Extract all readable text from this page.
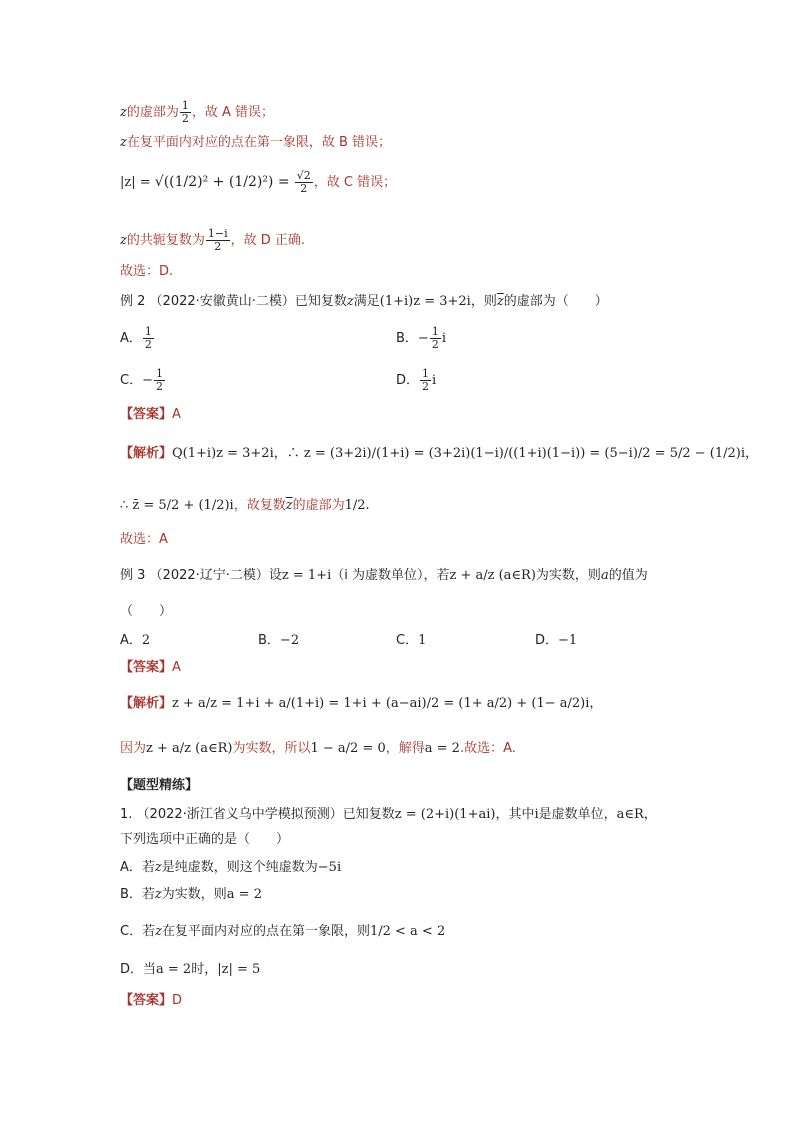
z的虚部为 $\frac{1}{2}$ ，故 A 错误；
z在复平面内对应的点在第一象限，故 B 错误；
$|z| = √((1/2)^2 + (1/2)^2) = \frac{√2}{2}$ ，故 C 错误；
z的共轭复数为 $\frac{1-i}{2}$ ，故 D 正确.
故选：D.
例 2 （2022·安徽黄山·二模）已知复数z满足(1+i)z = 3+2i，则$\overline{z}$的虚部为（　　）
A． $\frac{1}{2}$	B．− $\frac{1}{2}$ i
C．− $\frac{1}{2}$	D． $\frac{1}{2}$ i
【答案】A
【解析】Q(1+i)z = 3+2i，∴ z = (3+2i)/(1+i) = (3+2i)(1−i)/((1+i)(1−i)) = (5−i)/2 = 5/2 − (1/2)i，
∴ z̄ = 5/2 + (1/2)i，故复数$\overline{z}$的虚部为1/2.
故选：A
例 3 （2022·辽宁·二模）设z = 1+i（i 为虚数单位），若z + a/z (a∈R)为实数，则a的值为
（　　）
A．2	B．−2	C．1	D．−1
【答案】A
【解析】z + a/z = 1+i + a/(1+i) = 1+i + (a−ai)/2 = (1+ a/2) + (1− a/2)i，
因为z + a/z (a∈R)为实数，所以1 − a/2 = 0，解得a = 2.故选：A.
【题型精练】
1. （2022·浙江省义乌中学模拟预测）已知复数z = (2+i)(1+ai)，其中i是虚数单位，a∈R，
下列选项中正确的是（　　）
A．若z是纯虚数，则这个纯虚数为−5i
B．若z为实数，则a = 2
C．若z在复平面内对应的点在第一象限，则1/2 < a < 2
D．当a = 2时，|z| = 5
【答案】D
